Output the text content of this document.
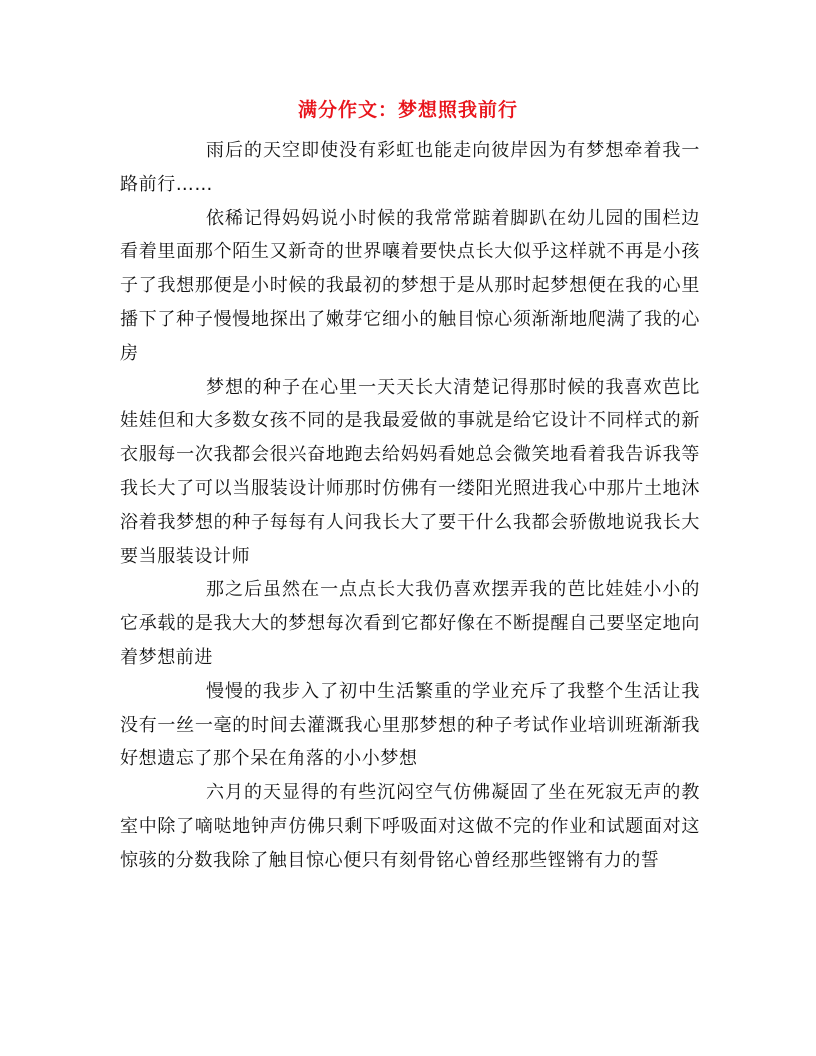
满分作文：梦想照我前行

雨后的天空即使没有彩虹也能走向彼岸因为有梦想牵着我一路前行……

依稀记得妈妈说小时候的我常常踮着脚趴在幼儿园的围栏边看着里面那个陌生又新奇的世界嚷着要快点长大似乎这样就不再是小孩子了我想那便是小时候的我最初的梦想于是从那时起梦想便在我的心里播下了种子慢慢地探出了嫩芽它细小的触目惊心须渐渐地爬满了我的心房

梦想的种子在心里一天天长大清楚记得那时候的我喜欢芭比娃娃但和大多数女孩不同的是我最爱做的事就是给它设计不同样式的新衣服每一次我都会很兴奋地跑去给妈妈看她总会微笑地看着我告诉我等我长大了可以当服装设计师那时仿佛有一缕阳光照进我心中那片土地沐浴着我梦想的种子每每有人问我长大了要干什么我都会骄傲地说我长大要当服装设计师

那之后虽然在一点点长大我仍喜欢摆弄我的芭比娃娃小小的它承载的是我大大的梦想每次看到它都好像在不断提醒自己要坚定地向着梦想前进

慢慢的我步入了初中生活繁重的学业充斥了我整个生活让我没有一丝一毫的时间去灌溉我心里那梦想的种子考试作业培训班渐渐我好想遗忘了那个呆在角落的小小梦想

六月的天显得的有些沉闷空气仿佛凝固了坐在死寂无声的教室中除了嘀哒地钟声仿佛只剩下呼吸面对这做不完的作业和试题面对这惊骇的分数我除了触目惊心便只有刻骨铭心曾经那些铿锵有力的誓
